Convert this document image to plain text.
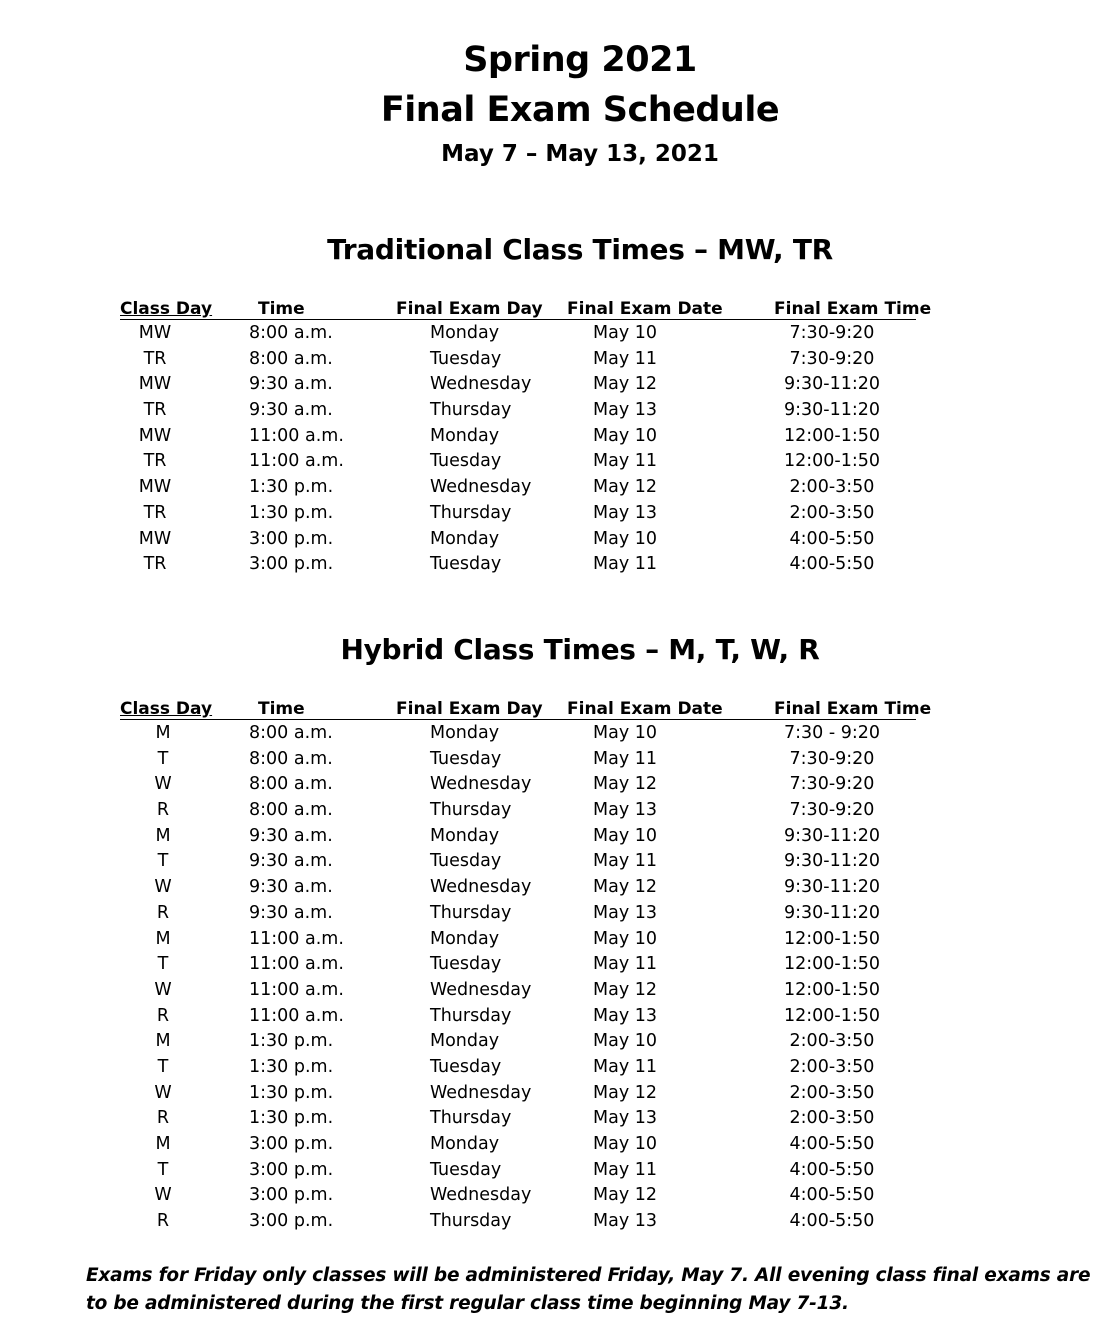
Spring 2021
Final Exam Schedule
May 7 – May 13, 2021
Traditional Class Times – MW, TR
Class Day	Time	Final Exam Day Final Exam Date	Final Exam Time
MW	8:00 a.m.	Monday	May 10	7:30-9:20
TR	8:00 a.m.	Tuesday	May 11	7:30-9:20
MW	9:30 a.m.	Wednesday	May 12	9:30-11:20
TR	9:30 a.m.	Thursday	May 13	9:30-11:20
MW	11:00 a.m.	Monday	May 10	12:00-1:50
TR	11:00 a.m.	Tuesday	May 11	12:00-1:50
MW	1:30 p.m.	Wednesday	May 12	2:00-3:50
TR	1:30 p.m.	Thursday	May 13	2:00-3:50
MW	3:00 p.m.	Monday	May 10	4:00-5:50
TR	3:00 p.m.	Tuesday	May 11	4:00-5:50
Hybrid Class Times – M, T, W, R
Class Day	Time	Final Exam Day Final Exam Date	Final Exam Time
M	8:00 a.m.	Monday	May 10	7:30 - 9:20
T	8:00 a.m.	Tuesday	May 11	7:30-9:20
W	8:00 a.m.	Wednesday	May 12	7:30-9:20
R	8:00 a.m.	Thursday	May 13	7:30-9:20
M	9:30 a.m.	Monday	May 10	9:30-11:20
T	9:30 a.m.	Tuesday	May 11	9:30-11:20
W	9:30 a.m.	Wednesday	May 12	9:30-11:20
R	9:30 a.m.	Thursday	May 13	9:30-11:20
M	11:00 a.m.	Monday	May 10	12:00-1:50
T	11:00 a.m.	Tuesday	May 11	12:00-1:50
W	11:00 a.m.	Wednesday	May 12	12:00-1:50
R	11:00 a.m.	Thursday	May 13	12:00-1:50
M	1:30 p.m.	Monday	May 10	2:00-3:50
T	1:30 p.m.	Tuesday	May 11	2:00-3:50
W	1:30 p.m.	Wednesday	May 12	2:00-3:50
R	1:30 p.m.	Thursday	May 13	2:00-3:50
M	3:00 p.m.	Monday	May 10	4:00-5:50
T	3:00 p.m.	Tuesday	May 11	4:00-5:50
W	3:00 p.m.	Wednesday	May 12	4:00-5:50
R	3:00 p.m.	Thursday	May 13	4:00-5:50
Exams for Friday only classes will be administered Friday, May 7. All evening class final exams are to be administered during the first regular class time beginning May 7-13.
